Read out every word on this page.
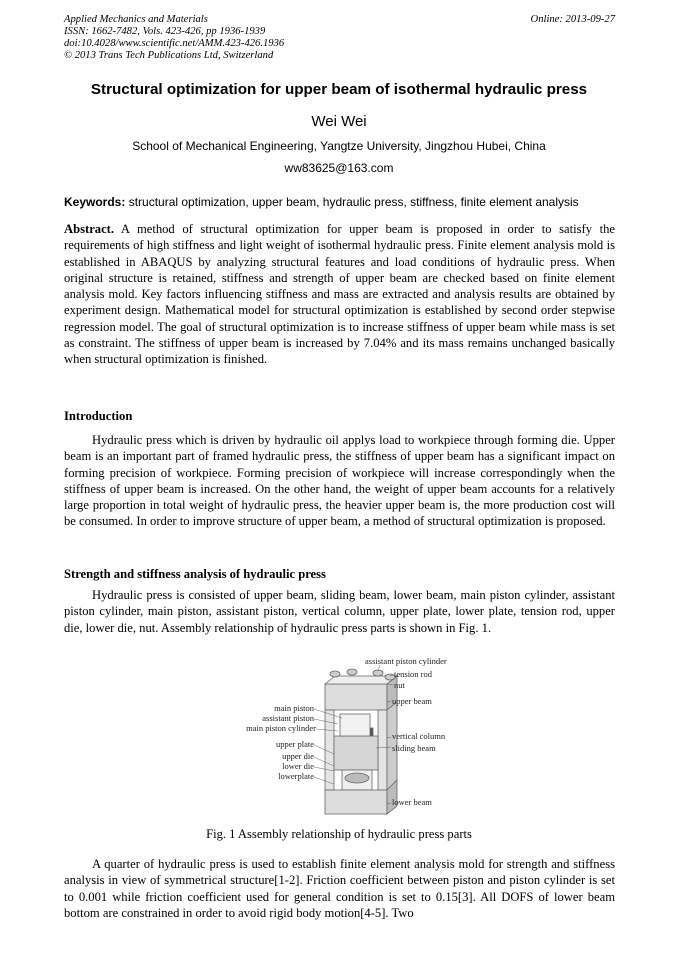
Applied Mechanics and Materials
ISSN: 1662-7482, Vols. 423-426, pp 1936-1939
doi:10.4028/www.scientific.net/AMM.423-426.1936
© 2013 Trans Tech Publications Ltd, Switzerland
Online: 2013-09-27
Structural optimization for upper beam of isothermal hydraulic press
Wei Wei
School of Mechanical Engineering, Yangtze University, Jingzhou Hubei, China
ww83625@163.com
Keywords: structural optimization, upper beam, hydraulic press, stiffness, finite element analysis
Abstract. A method of structural optimization for upper beam is proposed in order to satisfy the requirements of high stiffness and light weight of isothermal hydraulic press. Finite element analysis mold is established in ABAQUS by analyzing structural features and load conditions of hydraulic press. When original structure is retained, stiffness and strength of upper beam are checked based on finite element analysis mold. Key factors influencing stiffness and mass are extracted and analysis results are obtained by experiment design. Mathematical model for structural optimization is established by second order stepwise regression model. The goal of structural optimization is to increase stiffness of upper beam while mass is set as constraint. The stiffness of upper beam is increased by 7.04% and its mass remains unchanged basically when structural optimization is finished.
Introduction
Hydraulic press which is driven by hydraulic oil applys load to workpiece through forming die. Upper beam is an important part of framed hydraulic press, the stiffness of upper beam has a significant impact on forming precision of workpiece. Forming precision of workpiece will increase correspondingly when the stiffness of upper beam is increased. On the other hand, the weight of upper beam accounts for a relatively large proportion in total weight of hydraulic press, the heavier upper beam is, the more production cost will be consumed. In order to improve structure of upper beam, a method of structural optimization is proposed.
Strength and stiffness analysis of hydraulic press
Hydraulic press is consisted of upper beam, sliding beam, lower beam, main piston cylinder, assistant piston cylinder, main piston, assistant piston, vertical column, upper plate, lower plate, tension rod, upper die, lower die, nut. Assembly relationship of hydraulic press parts is shown in Fig. 1.
assistant piston cylinder
tension rod
nut
upper beam
vertical column
sliding beam
lower beam
main piston
assistant piston
main piston cylinder
upper plate
upper die
lower die
lowerplate
Fig. 1 Assembly relationship of hydraulic press parts
A quarter of hydraulic press is used to establish finite element analysis mold for strength and stiffness analysis in view of symmetrical structure[1-2]. Friction coefficient between piston and piston cylinder is set to 0.001 while friction coefficient used for general condition is set to 0.15[3]. All DOFS of lower beam bottom are constrained in order to avoid rigid body motion[4-5]. Two
